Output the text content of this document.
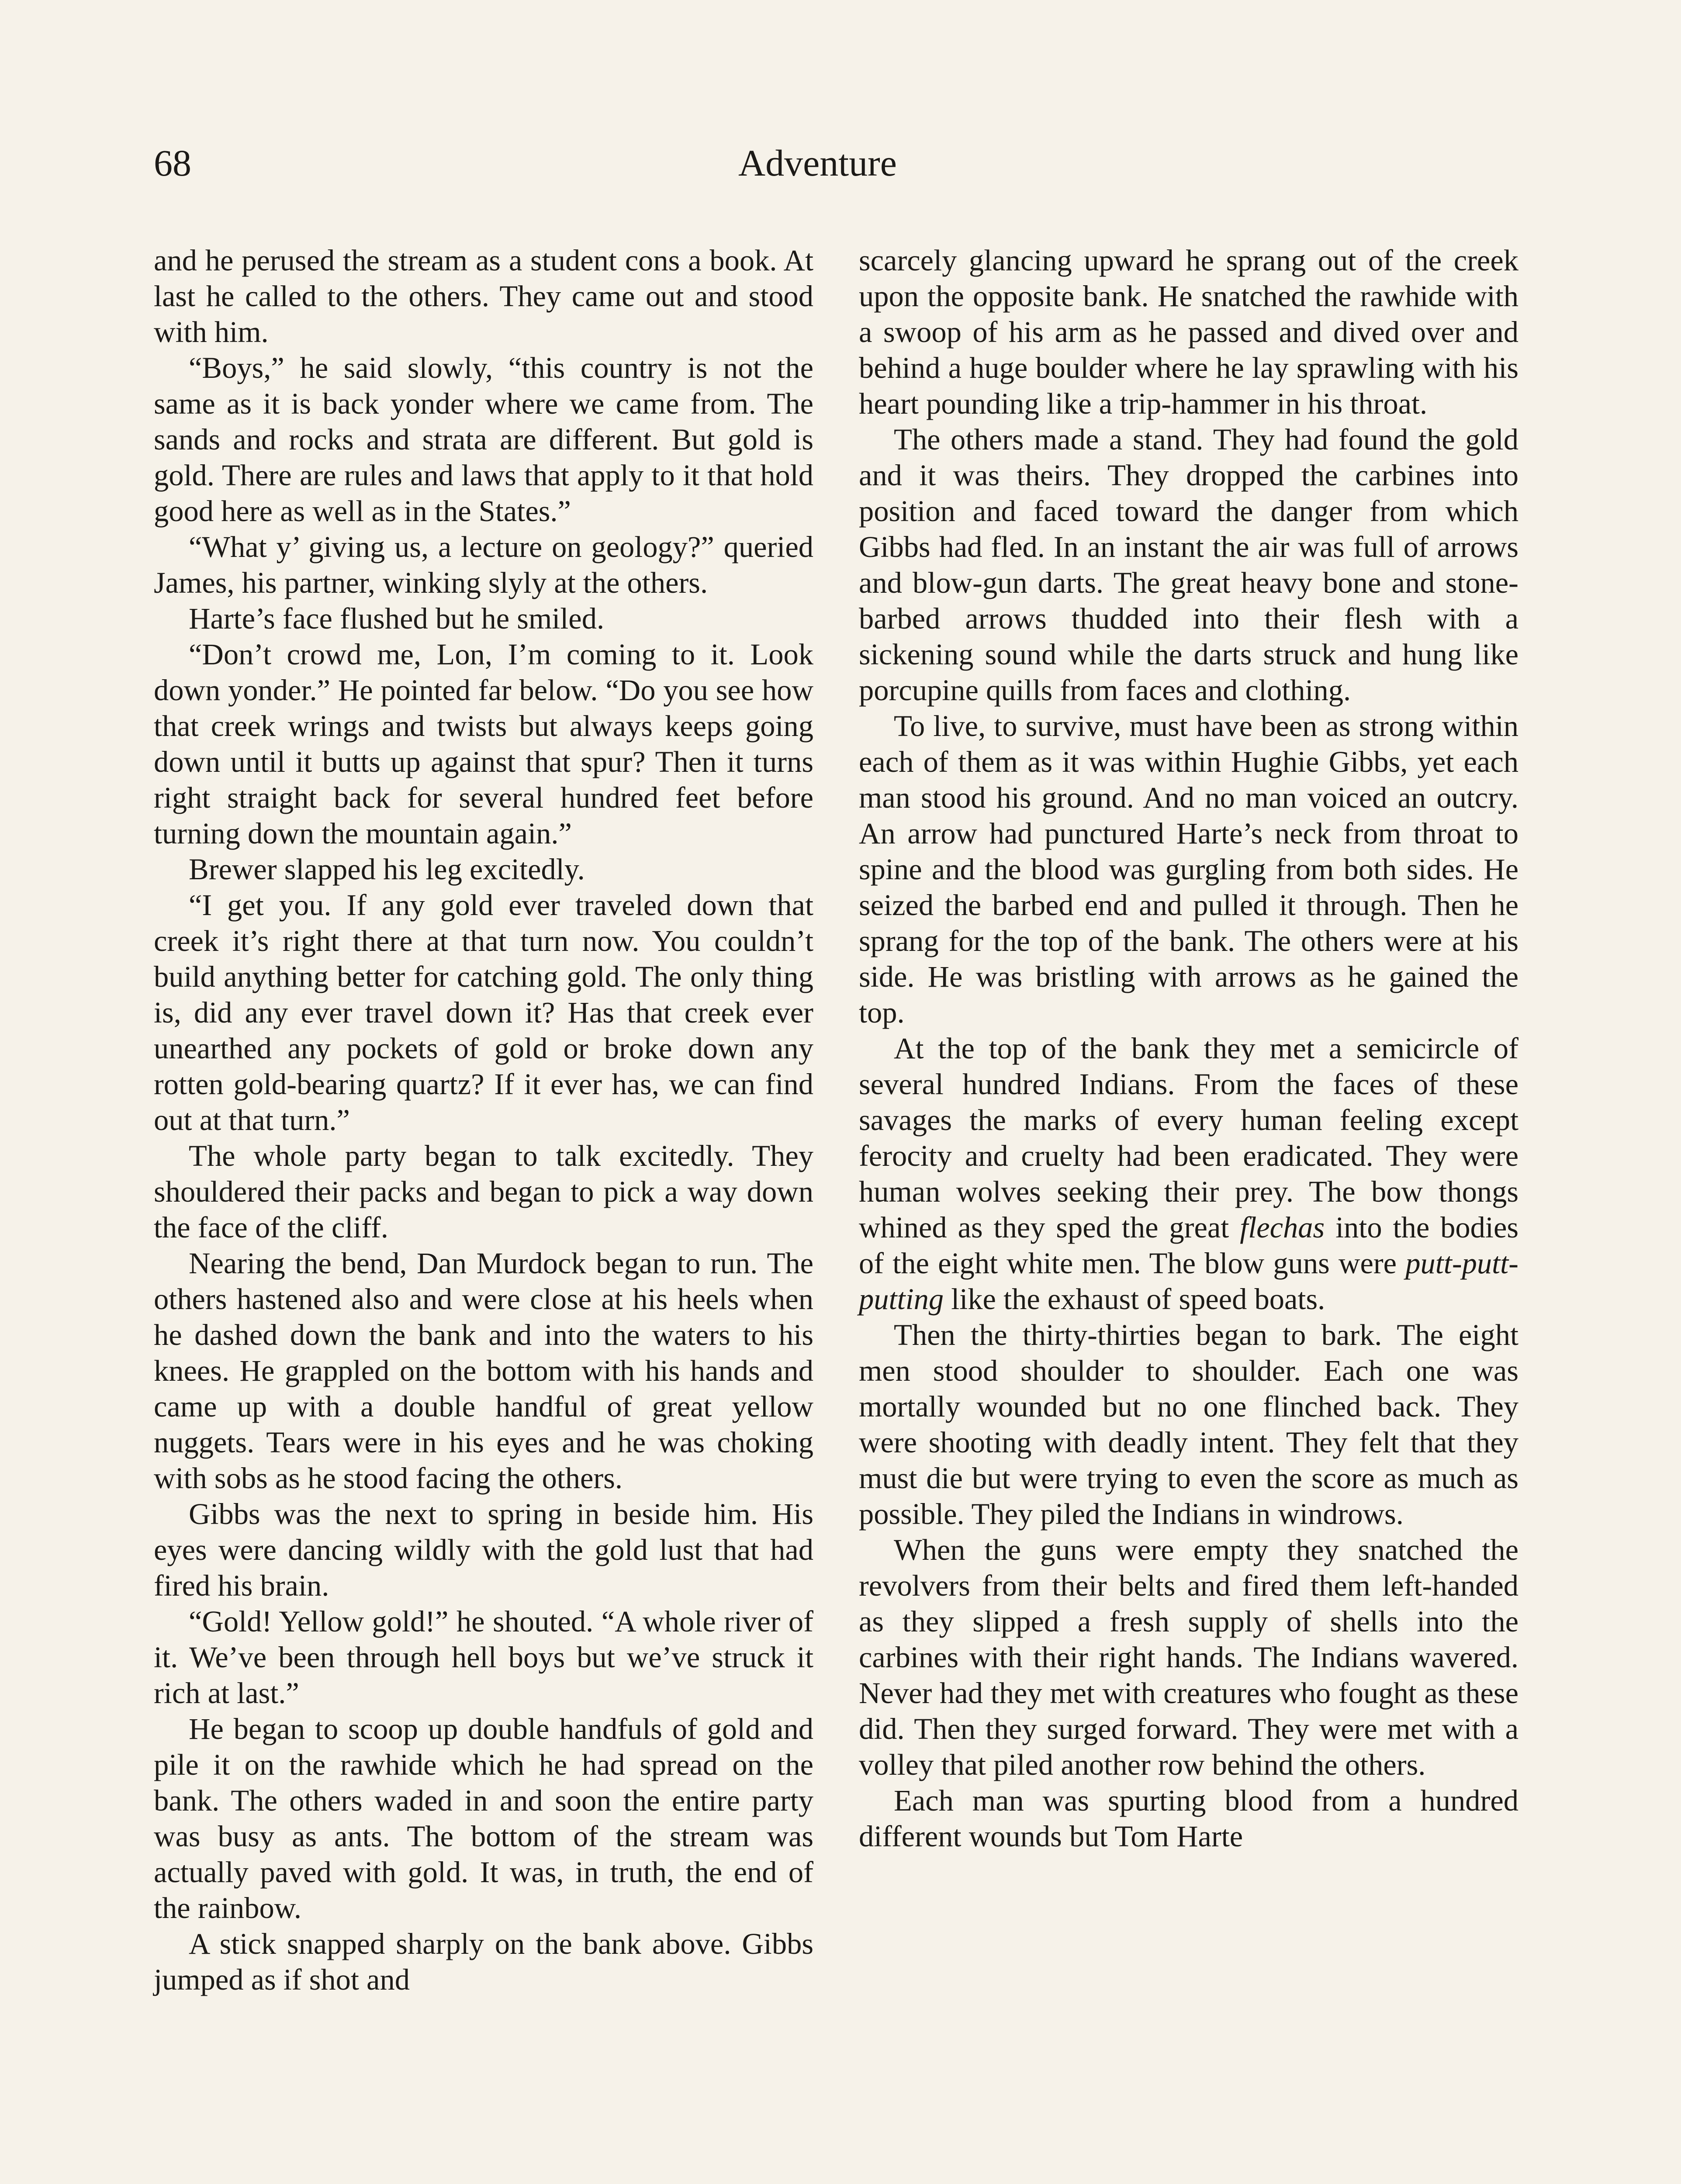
68	Adventure

and he perused the stream as a student cons a book. At last he called to the others. They came out and stood with him.

“Boys,” he said slowly, “this country is not the same as it is back yonder where we came from. The sands and rocks and strata are different. But gold is gold. There are rules and laws that apply to it that hold good here as well as in the States.”

“What y’ giving us, a lecture on geology?” queried James, his partner, winking slyly at the others.

Harte’s face flushed but he smiled.

“Don’t crowd me, Lon, I’m coming to it. Look down yonder.” He pointed far below. “Do you see how that creek wrings and twists but always keeps going down until it butts up against that spur? Then it turns right straight back for several hundred feet before turning down the mountain again.”

Brewer slapped his leg excitedly.

“I get you. If any gold ever traveled down that creek it’s right there at that turn now. You couldn’t build anything better for catching gold. The only thing is, did any ever travel down it? Has that creek ever unearthed any pockets of gold or broke down any rotten gold-bearing quartz? If it ever has, we can find out at that turn.”

The whole party began to talk excitedly. They shouldered their packs and began to pick a way down the face of the cliff.

Nearing the bend, Dan Murdock began to run. The others hastened also and were close at his heels when he dashed down the bank and into the waters to his knees. He grappled on the bottom with his hands and came up with a double handful of great yellow nuggets. Tears were in his eyes and he was choking with sobs as he stood facing the others.

Gibbs was the next to spring in beside him. His eyes were dancing wildly with the gold lust that had fired his brain.

“Gold! Yellow gold!” he shouted. “A whole river of it. We’ve been through hell boys but we’ve struck it rich at last.”

He began to scoop up double handfuls of gold and pile it on the rawhide which he had spread on the bank. The others waded in and soon the entire party was busy as ants. The bottom of the stream was actually paved with gold. It was, in truth, the end of the rainbow.

A stick snapped sharply on the bank above. Gibbs jumped as if shot and

scarcely glancing upward he sprang out of the creek upon the opposite bank. He snatched the rawhide with a swoop of his arm as he passed and dived over and behind a huge boulder where he lay sprawling with his heart pounding like a trip-hammer in his throat.

The others made a stand. They had found the gold and it was theirs. They dropped the carbines into position and faced toward the danger from which Gibbs had fled. In an instant the air was full of arrows and blow-gun darts. The great heavy bone and stone-barbed arrows thudded into their flesh with a sickening sound while the darts struck and hung like porcupine quills from faces and clothing.

To live, to survive, must have been as strong within each of them as it was within Hughie Gibbs, yet each man stood his ground. And no man voiced an outcry. An arrow had punctured Harte’s neck from throat to spine and the blood was gurgling from both sides. He seized the barbed end and pulled it through. Then he sprang for the top of the bank. The others were at his side. He was bristling with arrows as he gained the top.

At the top of the bank they met a semicircle of several hundred Indians. From the faces of these savages the marks of every human feeling except ferocity and cruelty had been eradicated. They were human wolves seeking their prey. The bow thongs whined as they sped the great flechas into the bodies of the eight white men. The blow guns were putt-putt-putting like the exhaust of speed boats.

Then the thirty-thirties began to bark. The eight men stood shoulder to shoulder. Each one was mortally wounded but no one flinched back. They were shooting with deadly intent. They felt that they must die but were trying to even the score as much as possible. They piled the Indians in windrows.

When the guns were empty they snatched the revolvers from their belts and fired them left-handed as they slipped a fresh supply of shells into the carbines with their right hands. The Indians wavered. Never had they met with creatures who fought as these did. Then they surged forward. They were met with a volley that piled another row behind the others.

Each man was spurting blood from a hundred different wounds but Tom Harte
